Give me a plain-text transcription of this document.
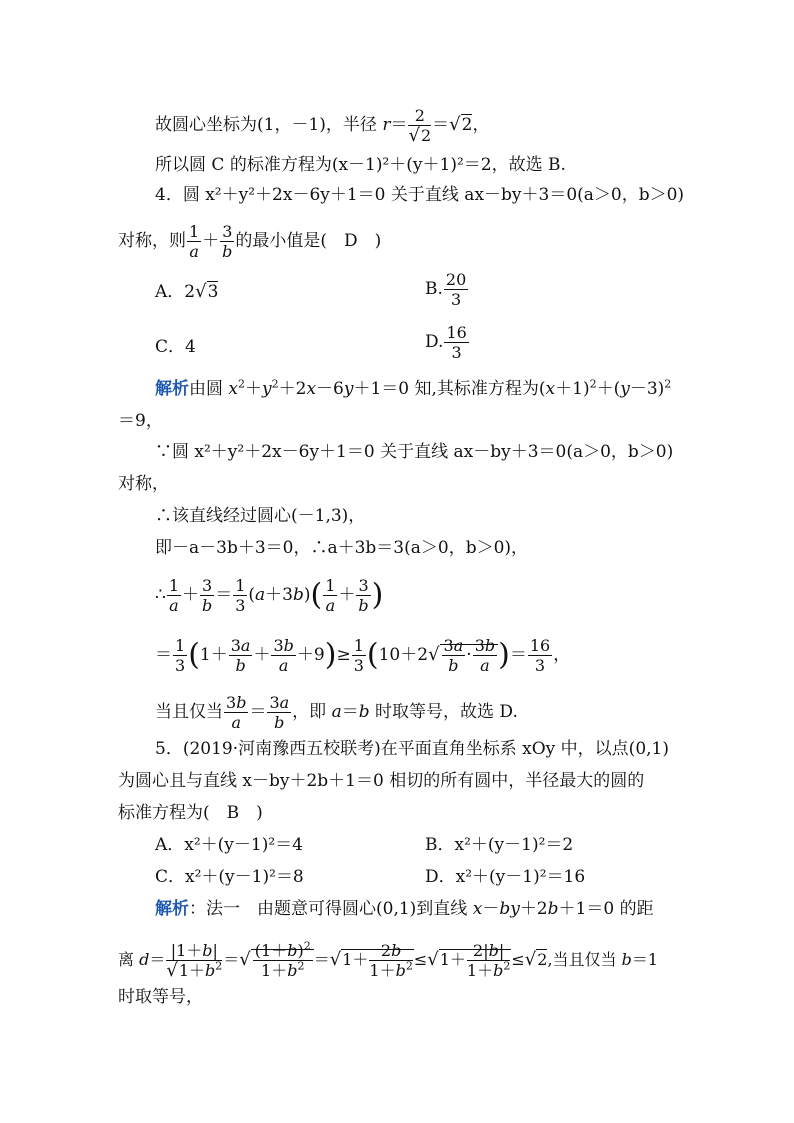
故圆心坐标为(1，－1)，半径 $r= \frac{2}{√2} =√2$，
所以圆 C 的标准方程为(x－1)²＋(y＋1)²＝2，故选 B.
4．圆 x²＋y²＋2x－6y＋1＝0 关于直线 ax－by＋3＝0(a＞0，b＞0)
对称，则 $\frac{1}{a} + \frac{3}{b}$ 的最小值是(　D　)
A．2√3	B. $\frac{20}{3}$
C．4	D. $\frac{16}{3}$
解析由圆 $x^2+y^2+2x-6y+1=0$ 知,其标准方程为$(x+1)^2+(y-3)^2$
＝9，
∵圆 x²＋y²＋2x－6y＋1＝0 关于直线 ax－by＋3＝0(a＞0，b＞0)
对称，
∴该直线经过圆心(－1,3)，
即－a－3b＋3＝0，∴a＋3b＝3(a＞0，b＞0)，
∴ $\frac{1}{a} + \frac{3}{b} = \frac{1}{3} (a+3b)( \frac{1}{a} + \frac{3}{b}$ )
＝ $\frac{1}{3} (1+ \frac{3a}{b} + \frac{3b}{a} +9)\ge \frac{1}{3} (10+2√ \frac{3a}{b} \cdot \frac{3b}{a}$ )＝ $\frac{16}{3}$ ，
当且仅当 $\frac{3b}{a} = \frac{3a}{b}$ ，即 a＝b 时取等号，故选 D.
5．(2019·河南豫西五校联考)在平面直角坐标系 xOy 中，以点(0,1)
为圆心且与直线 x－by＋2b＋1＝0 相切的所有圆中，半径最大的圆的
标准方程为(　B　)
A．x²＋(y－1)²＝4	B．x²＋(y－1)²＝2
C．x²＋(y－1)²＝8	D．x²＋(y－1)²＝16
解析：法一　由题意可得圆心(0,1)到直线 x－by＋2b＋1＝0 的距
离 $d= \frac{|1+b|}{√1+b^2}$ ＝√ $\frac{(1+b)^2}{1+b^2} =√1+ \frac{2b}{1+b^2} \le√1+ \frac{2|b|}{1+b^2} \le√2$,当且仅当 b＝1
时取等号，
